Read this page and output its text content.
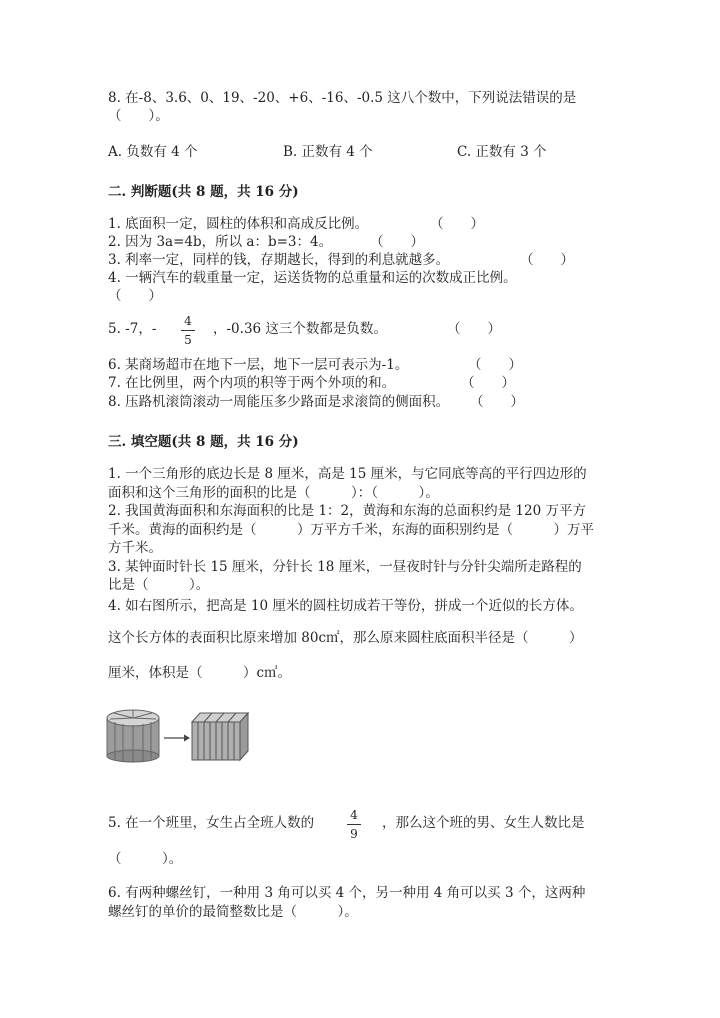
8. 在-8、3.6、0、19、-20、+6、-16、-0.5 这八个数中，下列说法错误的是
（　　）。
A. 负数有 4 个	B. 正数有 4 个	C. 正数有 3 个
二. 判断题(共 8 题，共 16 分)
1. 底面积一定，圆柱的体积和高成反比例。	（　　）
2. 因为 3a=4b，所以 a：b=3：4。	（　　）
3. 利率一定，同样的钱，存期越长，得到的利息就越多。	（　　）
4. 一辆汽车的载重量一定，运送货物的总重量和运的次数成正比例。
（　　）
5. -7，- 4
5
，-0.36 这三个数都是负数。	（　　）
6. 某商场超市在地下一层，地下一层可表示为-1。	（　　）
7. 在比例里，两个内项的积等于两个外项的和。	（　　）
8. 压路机滚筒滚动一周能压多少路面是求滚筒的侧面积。 （　　）
三. 填空题(共 8 题，共 16 分)
1. 一个三角形的底边长是 8 厘米，高是 15 厘米，与它同底等高的平行四边形的
面积和这个三角形的面积的比是（　　　）：（　　　）。
2. 我国黄海面积和东海面积的比是 1：2，黄海和东海的总面积约是 120 万平方
千米。黄海的面积约是（　　　）万平方千米，东海的面积别约是（　　　）万平
方千米。
3. 某钟面时针长 15 厘米，分针长 18 厘米，一昼夜时针与分针尖端所走路程的
比是（　　　）。
4. 如右图所示，把高是 10 厘米的圆柱切成若干等份，拼成一个近似的长方体。
这个长方体的表面积比原来增加 80c㎡，那么原来圆柱底面积半径是（　　　）
厘米，体积是（　　　）c㎥。
5. 在一个班里，女生占全班人数的	4
9
，那么这个班的男、女生人数比是
（　　　）。
6. 有两种螺丝钉，一种用 3 角可以买 4 个，另一种用 4 角可以买 3 个，这两种
螺丝钉的单价的最简整数比是（　　　）。
